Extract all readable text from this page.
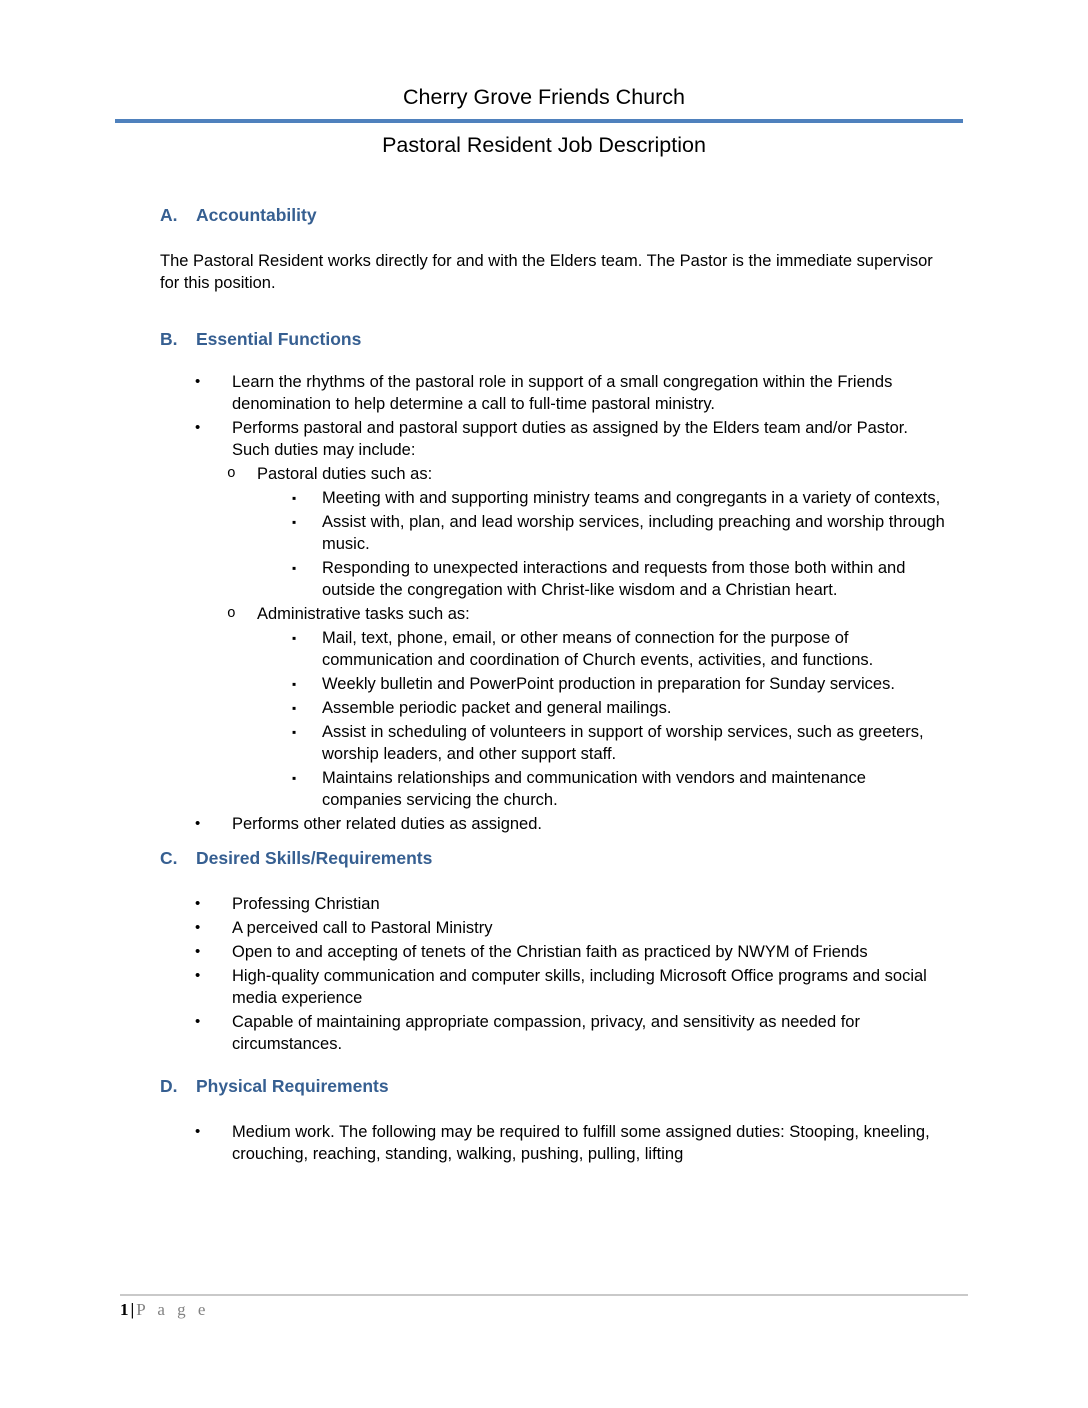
Cherry Grove Friends Church
Pastoral Resident Job Description
A.	Accountability

The Pastoral Resident works directly for and with the Elders team. The Pastor is the immediate supervisor for this position.

B.	Essential Functions
•	Learn the rhythms of the pastoral role in support of a small congregation within the Friends denomination to help determine a call to full-time pastoral ministry.
•	Performs pastoral and pastoral support duties as assigned by the Elders team and/or Pastor. Such duties may include:
o	Pastoral duties such as:
▪	Meeting with and supporting ministry teams and congregants in a variety of contexts,
▪	Assist with, plan, and lead worship services, including preaching and worship through music.
▪	Responding to unexpected interactions and requests from those both within and outside the congregation with Christ-like wisdom and a Christian heart.
o	Administrative tasks such as:
▪	Mail, text, phone, email, or other means of connection for the purpose of communication and coordination of Church events, activities, and functions.
▪	Weekly bulletin and PowerPoint production in preparation for Sunday services.
▪	Assemble periodic packet and general mailings.
▪	Assist in scheduling of volunteers in support of worship services, such as greeters, worship leaders, and other support staff.
▪	Maintains relationships and communication with vendors and maintenance companies servicing the church.
•	Performs other related duties as assigned.
C.	Desired Skills/Requirements
•	Professing Christian
•	A perceived call to Pastoral Ministry
•	Open to and accepting of tenets of the Christian faith as practiced by NWYM of Friends
•	High-quality communication and computer skills, including Microsoft Office programs and social media experience
•	Capable of maintaining appropriate compassion, privacy, and sensitivity as needed for circumstances.
D.	Physical Requirements
•	Medium work. The following may be required to fulfill some assigned duties: Stooping, kneeling, crouching, reaching, standing, walking, pushing, pulling, lifting
1 | P a g e
